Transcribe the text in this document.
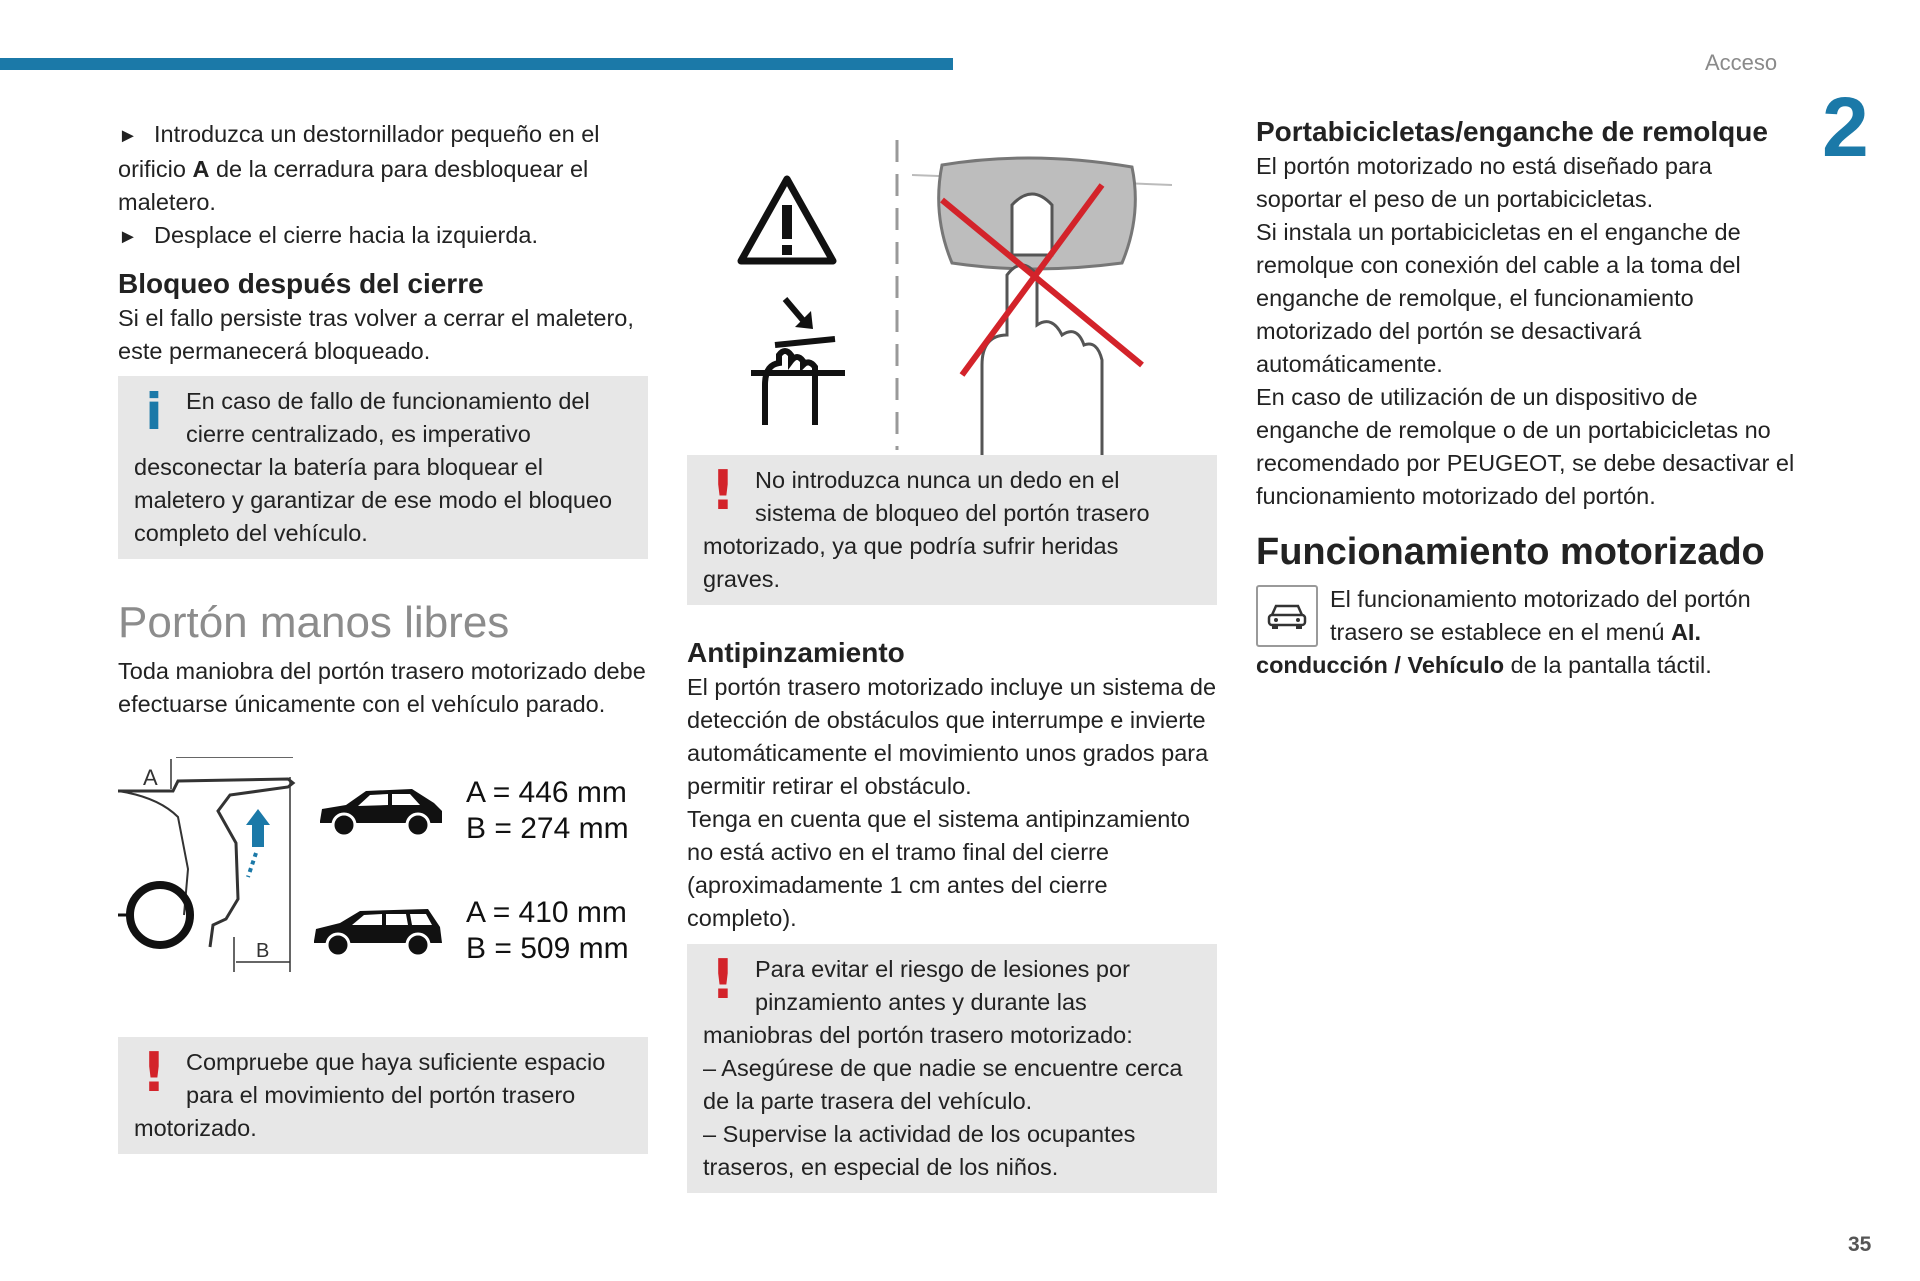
Acceso
2
35

► Introduzca un destornillador pequeño en el orificio A de la cerradura para desbloquear el maletero.

► Desplace el cierre hacia la izquierda.

Bloqueo después del cierre

Si el fallo persiste tras volver a cerrar el maletero, este permanecerá bloqueado.

i En caso de fallo de funcionamiento del cierre centralizado, es imperativo desconectar la batería para bloquear el maletero y garantizar de ese modo el bloqueo completo del vehículo.
Portón manos libres

Toda maniobra del portón trasero motorizado debe efectuarse únicamente con el vehículo parado.

A
B
A = 446 mm
B = 274 mm
A = 410 mm
B = 509 mm
! Compruebe que haya suficiente espacio para el movimiento del portón trasero motorizado.
! No introduzca nunca un dedo en el sistema de bloqueo del portón trasero motorizado, ya que podría sufrir heridas graves.
Antipinzamiento

El portón trasero motorizado incluye un sistema de detección de obstáculos que interrumpe e invierte automáticamente el movimiento unos grados para permitir retirar el obstáculo.

Tenga en cuenta que el sistema antipinzamiento no está activo en el tramo final del cierre (aproximadamente 1 cm antes del cierre completo).

! Para evitar el riesgo de lesiones por pinzamiento antes y durante las maniobras del portón trasero motorizado:

– Asegúrese de que nadie se encuentre cerca de la parte trasera del vehículo.

– Supervise la actividad de los ocupantes traseros, en especial de los niños.

Portabicicletas/enganche de remolque

El portón motorizado no está diseñado para soportar el peso de un portabicicletas.

Si instala un portabicicletas en el enganche de remolque con conexión del cable a la toma del enganche de remolque, el funcionamiento motorizado del portón se desactivará automáticamente.

En caso de utilización de un dispositivo de enganche de remolque o de un portabicicletas no recomendado por PEUGEOT, se debe desactivar el funcionamiento motorizado del portón.

Funcionamiento motorizado
El funcionamiento motorizado del portón trasero se establece en el menú AI. conducción / Vehículo de la pantalla táctil.
